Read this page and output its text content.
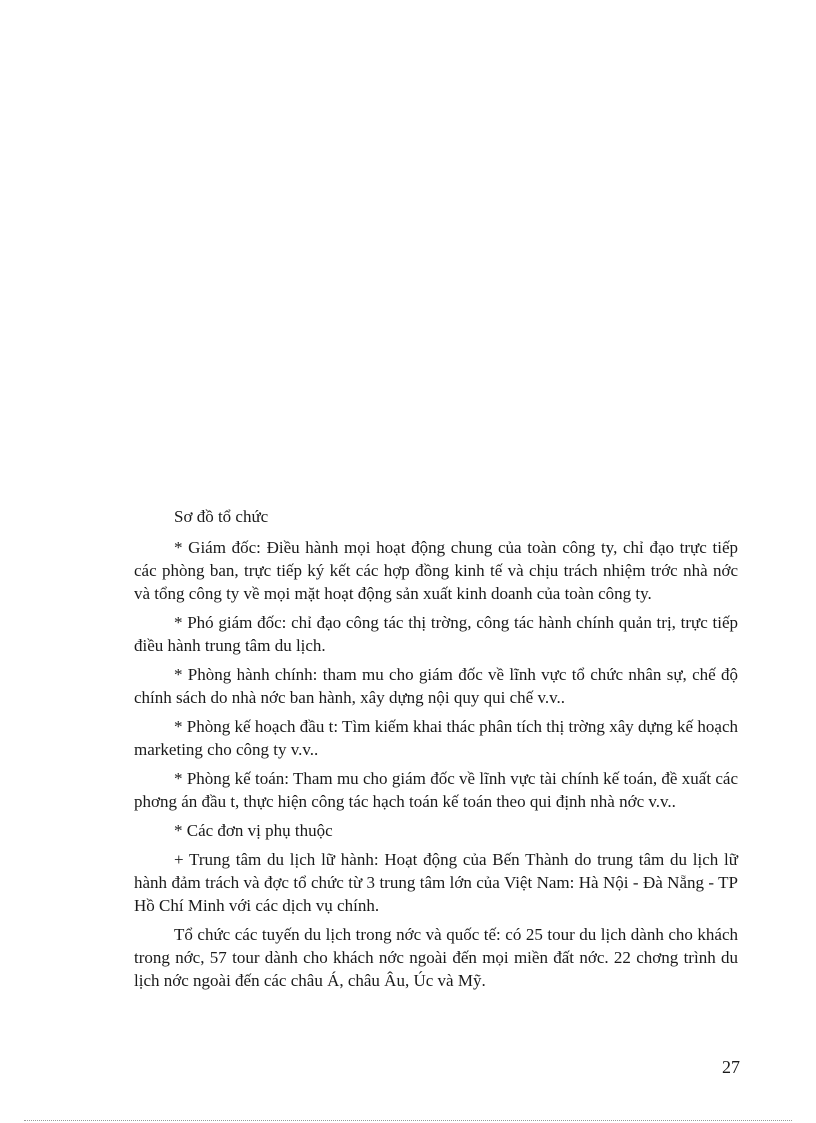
Sơ đồ tổ chức

* Giám đốc: Điều hành mọi hoạt động chung của toàn công ty, chỉ đạo trực tiếp các phòng ban, trực tiếp ký kết các hợp đồng kinh tế và chịu trách nhiệm trớc nhà nớc và tổng công ty về mọi mặt hoạt động sản xuất kinh doanh của toàn công ty.

* Phó giám đốc: chỉ đạo công tác thị trờng, công tác hành chính quản trị, trực tiếp điều hành trung tâm du lịch.

* Phòng hành chính: tham mu cho giám đốc về lĩnh vực tổ chức nhân sự, chế độ chính sách do nhà nớc ban hành, xây dựng nội quy qui chế v.v..

* Phòng kế hoạch đầu t: Tìm kiếm khai thác phân tích thị trờng xây dựng kế hoạch marketing cho công ty v.v..

* Phòng kế toán: Tham mu cho giám đốc về lĩnh vực tài chính kế toán, đề xuất các phơng án đầu t, thực hiện công tác hạch toán kế toán theo qui định nhà nớc v.v..

* Các đơn vị phụ thuộc

+ Trung tâm du lịch lữ hành: Hoạt động của Bến Thành do trung tâm du lịch lữ hành đảm trách và đợc tổ chức từ 3 trung tâm lớn của Việt Nam: Hà Nội - Đà Nẵng - TP Hồ Chí Minh với các dịch vụ chính.

Tổ chức các tuyến du lịch trong nớc và quốc tế: có 25 tour du lịch dành cho khách trong nớc, 57 tour dành cho khách nớc ngoài đến mọi miền đất nớc. 22 chơng trình du lịch nớc ngoài đến các châu Á, châu Âu, Úc và Mỹ.

27
